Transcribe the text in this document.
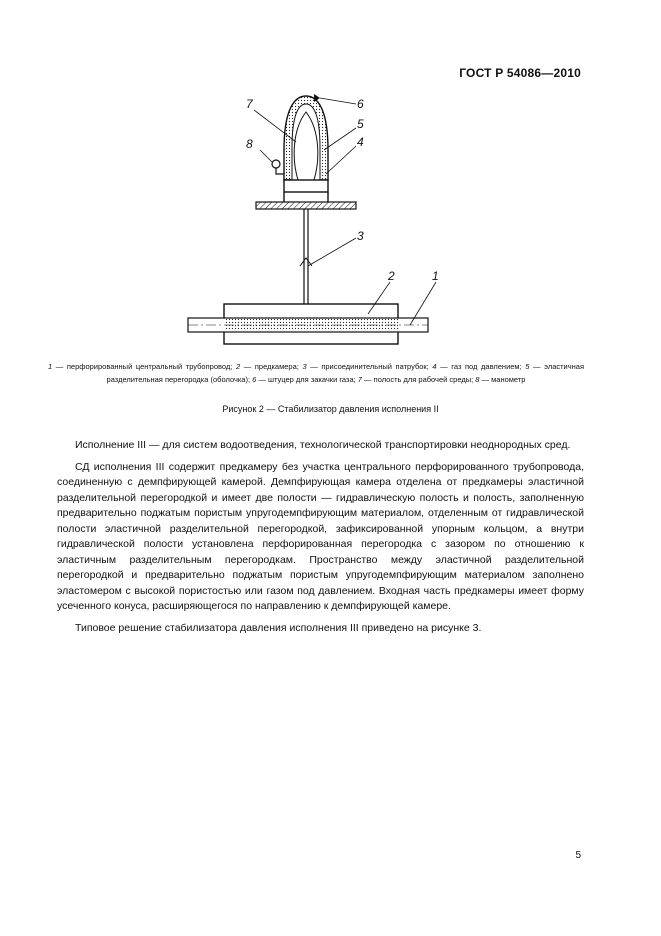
ГОСТ Р 54086—2010
7	6
5
4
8
3
2	1
1 — перфорированный центральный трубопровод; 2 — предкамера; 3 — присоединительный патрубок; 4 — газ под давлением; 5 — эластичная разделительная перегородка (оболочка); 6 — штуцер для закачки газа; 7 — полость для рабочей среды; 8 — манометр
Рисунок 2 — Стабилизатор давления исполнения II

Исполнение III — для систем водоотведения, технологической транспортировки неоднородных сред.

СД исполнения III содержит предкамеру без участка центрального перфорированного трубопровода, соединенную с демпфирующей камерой. Демпфирующая камера отделена от предкамеры эластичной разделительной перегородкой и имеет две полости — гидравлическую полость и полость, заполненную предварительно поджатым пористым упругодемпфирующим материалом, отделенным от гидравлической полости эластичной разделительной перегородкой, зафиксированной упорным кольцом, а внутри гидравлической полости установлена перфорированная перегородка с зазором по отношению к эластичным разделительным перегородкам. Пространство между эластичной разделительной перегородкой и предварительно поджатым пористым упругодемпфирующим материалом заполнено эластомером с высокой пористостью или газом под давлением. Входная часть предкамеры имеет форму усеченного конуса, расширяющегося по направлению к демпфирующей камере.

Типовое решение стабилизатора давления исполнения III приведено на рисунке 3.

5
